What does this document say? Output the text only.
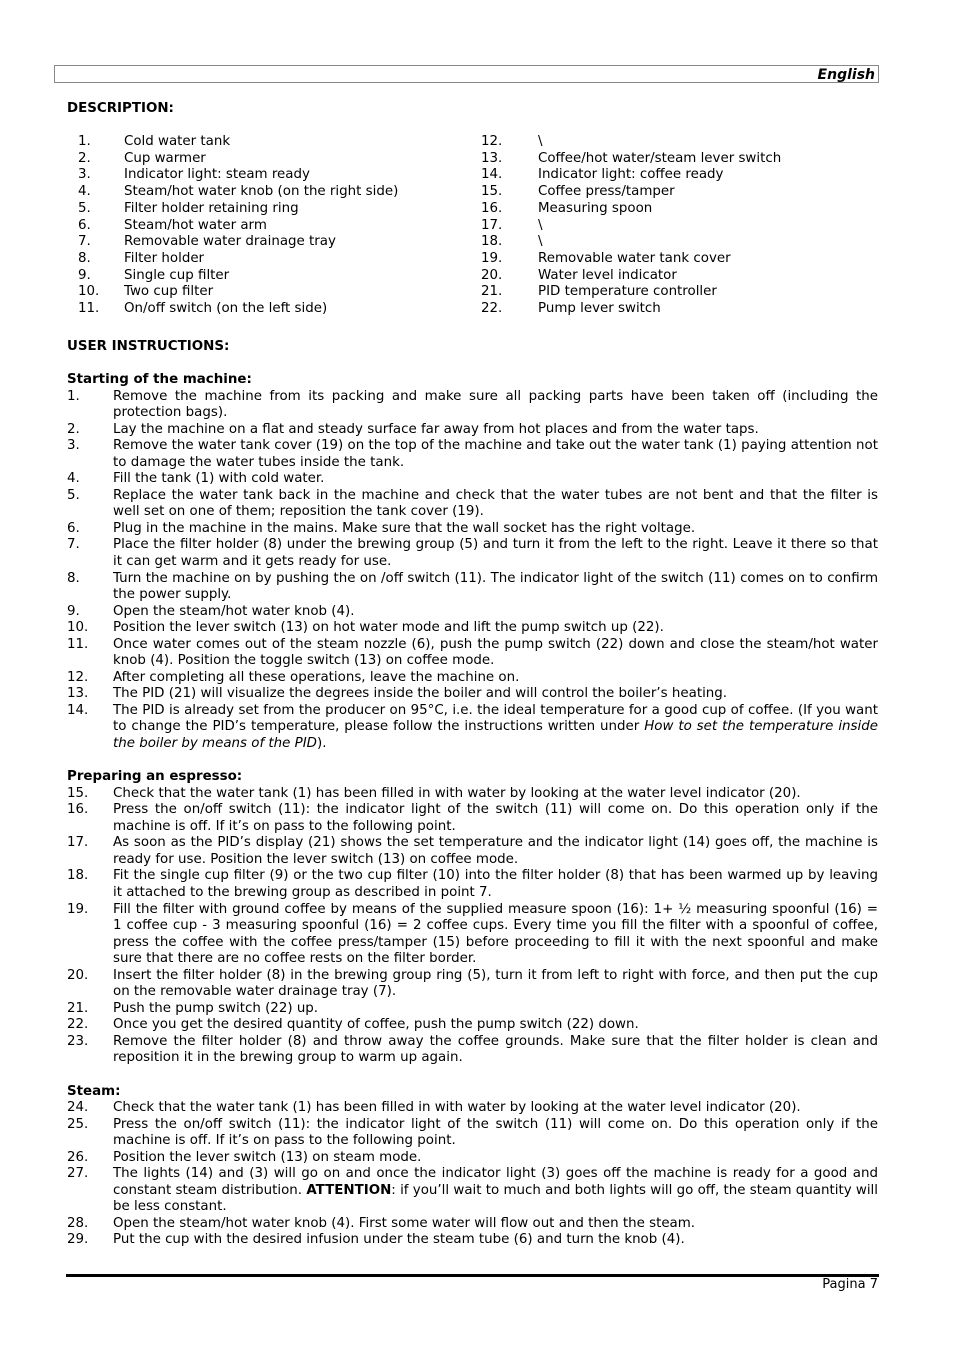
English
DESCRIPTION:
1.	Cold water tank
2.	Cup warmer
3.	Indicator light: steam ready
4.	Steam/hot water knob (on the right side)
5.	Filter holder retaining ring
6.	Steam/hot water arm
7.	Removable water drainage tray
8.	Filter holder
9.	Single cup filter
10.	Two cup filter
11.	On/off switch (on the left side)
12.	\
13.	Coffee/hot water/steam lever switch
14.	Indicator light: coffee ready
15.	Coffee press/tamper
16.	Measuring spoon
17.	\
18.	\
19.	Removable water tank cover
20.	Water level indicator
21.	PID temperature controller
22.	Pump lever switch
USER INSTRUCTIONS:
Starting of the machine:
1. Remove the machine from its packing and make sure all packing parts have been taken off (including the protection bags).
2. Lay the machine on a flat and steady surface far away from hot places and from the water taps.
3. Remove the water tank cover (19) on the top of the machine and take out the water tank (1) paying attention not to damage the water tubes inside the tank.
4. Fill the tank (1) with cold water.
5. Replace the water tank back in the machine and check that the water tubes are not bent and that the filter is well set on one of them; reposition the tank cover (19).
6. Plug in the machine in the mains. Make sure that the wall socket has the right voltage.
7. Place the filter holder (8) under the brewing group (5) and turn it from the left to the right. Leave it there so that it can get warm and it gets ready for use.
8. Turn the machine on by pushing the on /off switch (11). The indicator light of the switch (11) comes on to confirm the power supply.
9. Open the steam/hot water knob (4).
10. Position the lever switch (13) on hot water mode and lift the pump switch up (22).
11. Once water comes out of the steam nozzle (6), push the pump switch (22) down and close the steam/hot water knob (4). Position the toggle switch (13) on coffee mode.
12. After completing all these operations, leave the machine on.
13. The PID (21) will visualize the degrees inside the boiler and will control the boiler’s heating.
14. The PID is already set from the producer on 95°C, i.e. the ideal temperature for a good cup of coffee. (If you want to change the PID’s temperature, please follow the instructions written under How to set the temperature inside the boiler by means of the PID).
Preparing an espresso:
15. Check that the water tank (1) has been filled in with water by looking at the water level indicator (20).
16. Press the on/off switch (11): the indicator light of the switch (11) will come on. Do this operation only if the machine is off. If it’s on pass to the following point.
17. As soon as the PID’s display (21) shows the set temperature and the indicator light (14) goes off, the machine is ready for use. Position the lever switch (13) on coffee mode.
18. Fit the single cup filter (9) or the two cup filter (10) into the filter holder (8) that has been warmed up by leaving it attached to the brewing group as described in point 7.
19. Fill the filter with ground coffee by means of the supplied measure spoon (16): 1+ ½ measuring spoonful (16) = 1 coffee cup - 3 measuring spoonful (16) = 2 coffee cups. Every time you fill the filter with a spoonful of coffee, press the coffee with the coffee press/tamper (15) before proceeding to fill it with the next spoonful and make sure that there are no coffee rests on the filter border.
20. Insert the filter holder (8) in the brewing group ring (5), turn it from left to right with force, and then put the cup on the removable water drainage tray (7).
21. Push the pump switch (22) up.
22. Once you get the desired quantity of coffee, push the pump switch (22) down.
23. Remove the filter holder (8) and throw away the coffee grounds. Make sure that the filter holder is clean and reposition it in the brewing group to warm up again.
Steam:
24. Check that the water tank (1) has been filled in with water by looking at the water level indicator (20).
25. Press the on/off switch (11): the indicator light of the switch (11) will come on. Do this operation only if the machine is off. If it’s on pass to the following point.
26. Position the lever switch (13) on steam mode.
27. The lights (14) and (3) will go on and once the indicator light (3) goes off the machine is ready for a good and constant steam distribution. ATTENTION: if you’ll wait to much and both lights will go off, the steam quantity will be less constant.
28. Open the steam/hot water knob (4). First some water will flow out and then the steam.
29. Put the cup with the desired infusion under the steam tube (6) and turn the knob (4).
Pagina 7
